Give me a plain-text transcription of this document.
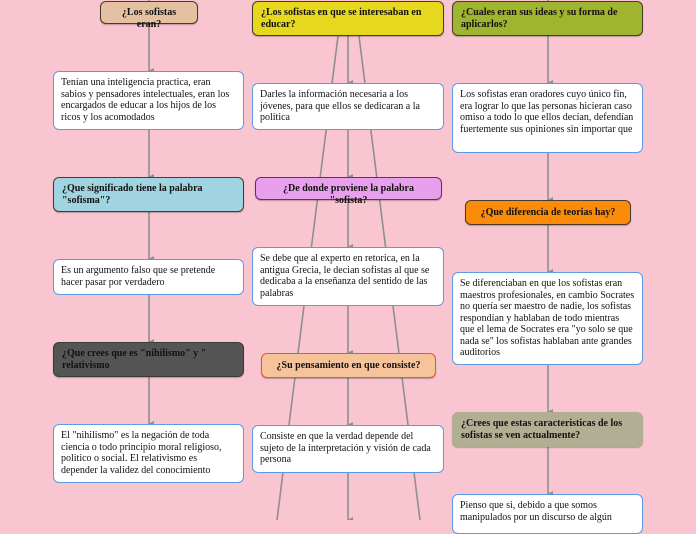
¿Los sofistas eran?
Tenían una inteligencia practica, eran sabios y pensadores intelectuales, eran los encargados de educar a los hijos de los ricos y los acomodados
¿Que significado tiene la palabra "sofisma"?
Es un argumento falso que se pretende hacer pasar por verdadero
¿Que crees que es "nihilismo" y " relativismo
El "nihilismo" es la negación de toda ciencia o todo principio moral religioso, politico o social. El relativismo es depender la validez del conocimiento
¿Los sofistas en que se interesaban en educar?
Darles la información necesaria a los jóvenes, para que ellos se dedicaran a la politica
¿De donde proviene la palabra "sofista?
Se debe que al experto en retorica, en la antigua Grecia, le decian sofistas al que se dedicaba a la enseñanza del sentido de las palabras
¿Su pensamiento en que consiste?
Consiste en que la verdad depende del sujeto de la interpretación y visión de cada persona
¿Cuales eran sus ideas y su forma de aplicarlos?
Los sofistas eran oradores cuyo único fin, era lograr lo que las personas hicieran caso omiso a todo lo que ellos decían, defendían fuertemente sus opiniones sin importar que
¿Que diferencia de teorias hay?
Se diferenciaban en que los sofistas eran maestros profesionales, en cambio Socrates no quería ser maestro de nadie, los sofistas respondían y hablaban de todo mientras que el lema de Socrates era "yo solo se que nada se" los sofistas hablaban ante grandes auditorios
¿Crees que estas caracteristicas de los sofistas se ven actualmente?
Pienso que si, debido a que somos manipulados por un discurso de algún
